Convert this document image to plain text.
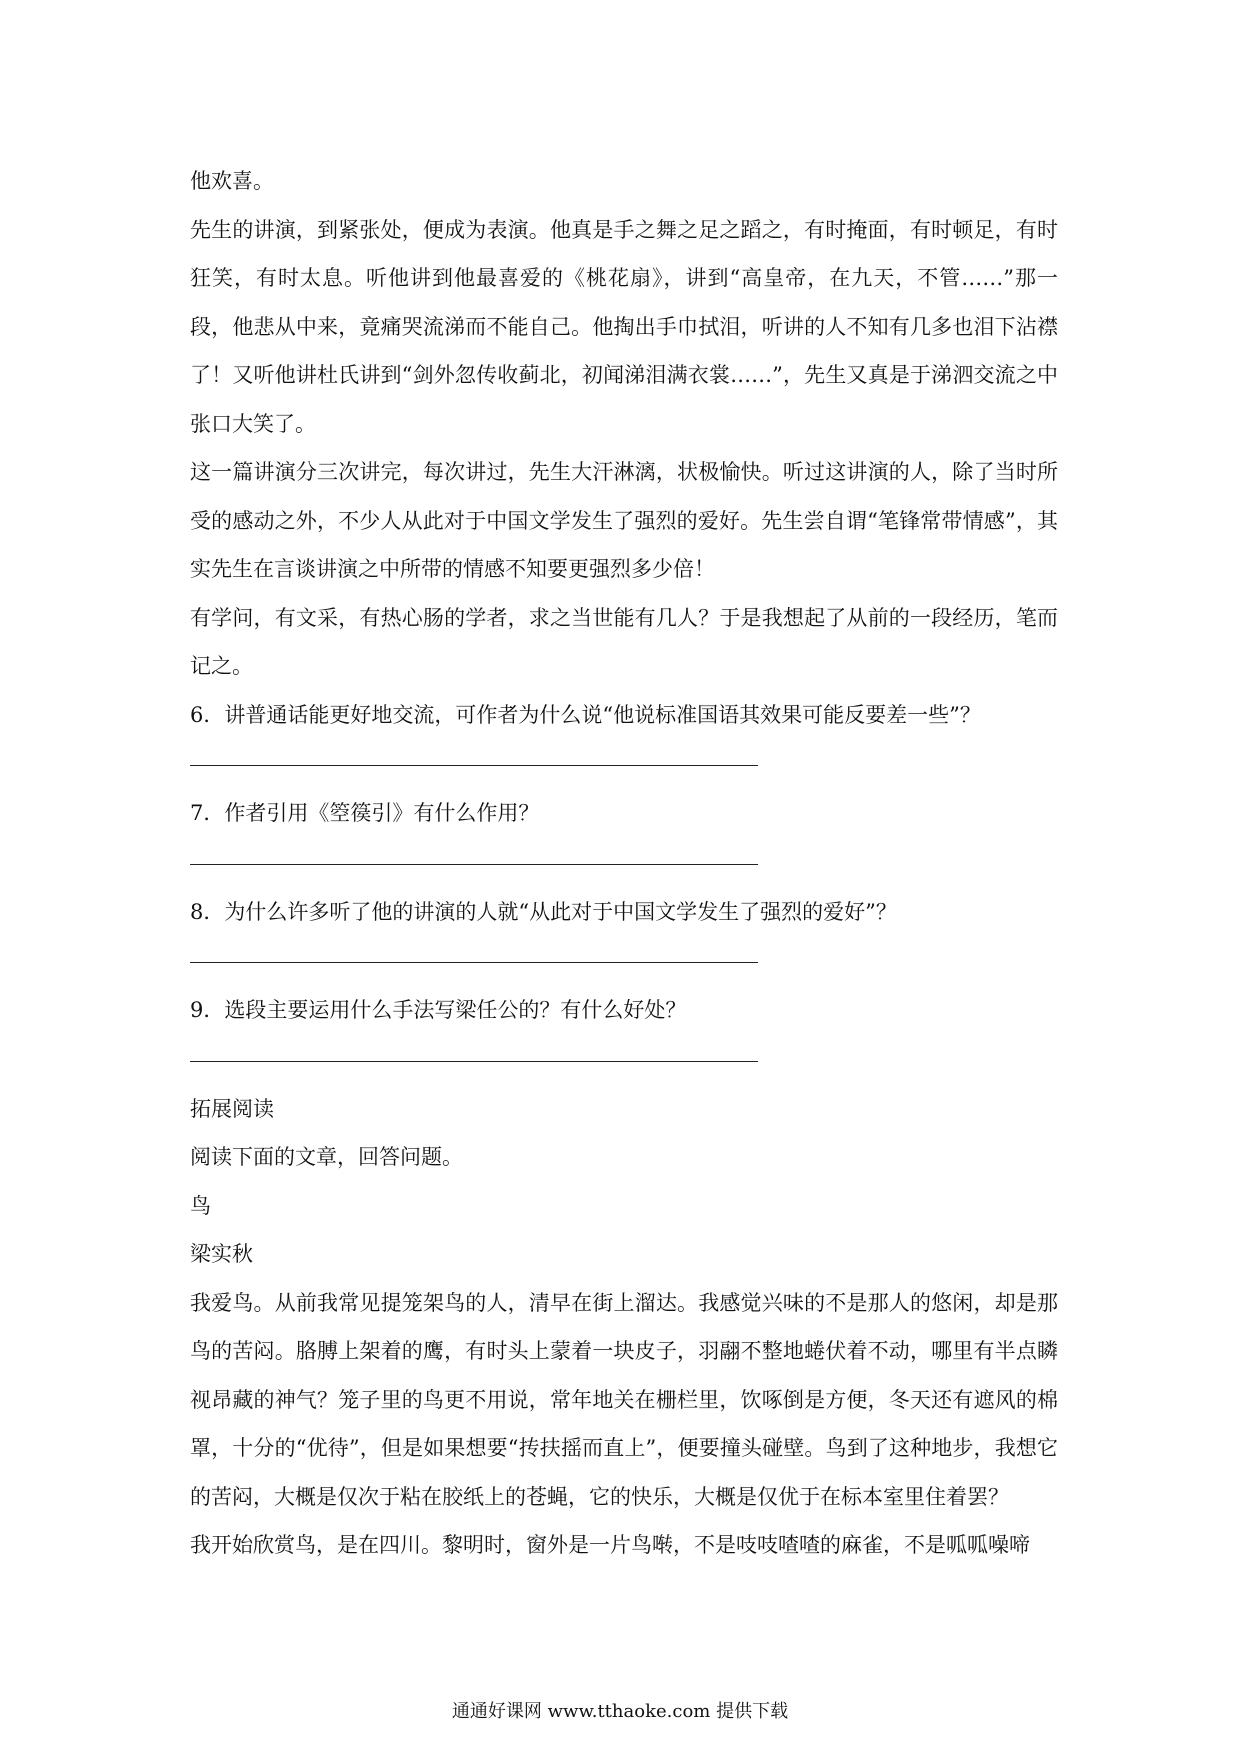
他欢喜。

先生的讲演，到紧张处，便成为表演。他真是手之舞之足之蹈之，有时掩面，有时顿足，有时狂笑，有时太息。听他讲到他最喜爱的《桃花扇》，讲到“高皇帝，在九天，不管……”那一段，他悲从中来，竟痛哭流涕而不能自己。他掏出手巾拭泪，听讲的人不知有几多也泪下沾襟了！又听他讲杜氏讲到“剑外忽传收蓟北，初闻涕泪满衣裳……”，先生又真是于涕泗交流之中张口大笑了。

这一篇讲演分三次讲完，每次讲过，先生大汗淋漓，状极愉快。听过这讲演的人，除了当时所受的感动之外，不少人从此对于中国文学发生了强烈的爱好。先生尝自谓“笔锋常带情感”，其实先生在言谈讲演之中所带的情感不知要更强烈多少倍！

有学问，有文采，有热心肠的学者，求之当世能有几人？于是我想起了从前的一段经历，笔而记之。

6．讲普通话能更好地交流，可作者为什么说“他说标准国语其效果可能反要差一些”？

7．作者引用《箜篌引》有什么作用？

8．为什么许多听了他的讲演的人就“从此对于中国文学发生了强烈的爱好”？

9．选段主要运用什么手法写梁任公的？有什么好处？

拓展阅读

阅读下面的文章，回答问题。

鸟

梁实秋

我爱鸟。从前我常见提笼架鸟的人，清早在街上溜达。我感觉兴味的不是那人的悠闲，却是那鸟的苦闷。胳膊上架着的鹰，有时头上蒙着一块皮子，羽翮不整地蜷伏着不动，哪里有半点瞵视昂藏的神气？笼子里的鸟更不用说，常年地关在栅栏里，饮啄倒是方便，冬天还有遮风的棉罩，十分的“优待”，但是如果想要“抟扶摇而直上”，便要撞头碰壁。鸟到了这种地步，我想它的苦闷，大概是仅次于粘在胶纸上的苍蝇，它的快乐，大概是仅优于在标本室里住着罢？

我开始欣赏鸟，是在四川。黎明时，窗外是一片鸟啭，不是吱吱喳喳的麻雀，不是呱呱噪啼

通通好课网 www.tthaoke.com 提供下载
